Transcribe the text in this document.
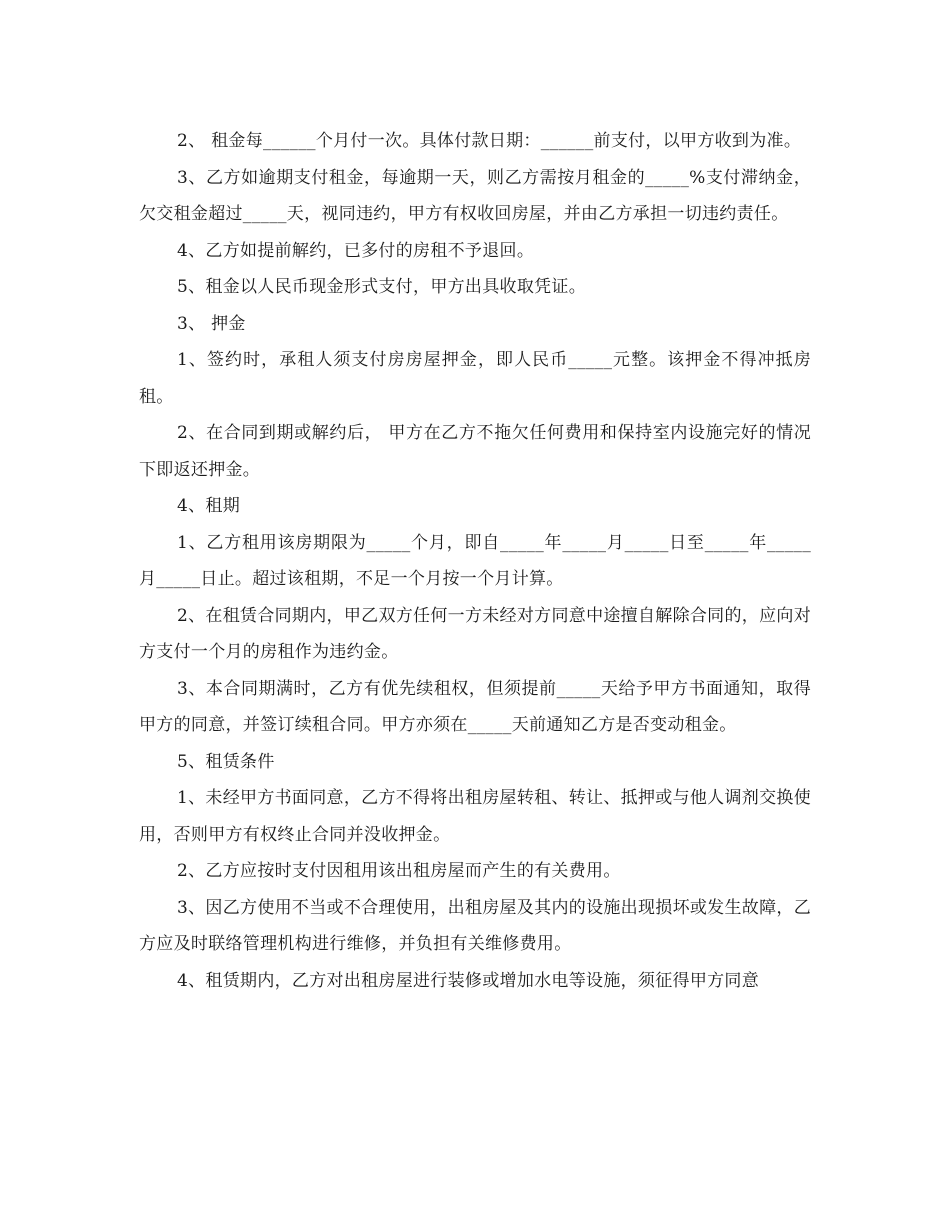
2、 租金每______个月付一次。具体付款日期：______前支付，以甲方收到为准。

3、乙方如逾期支付租金，每逾期一天，则乙方需按月租金的_____%支付滞纳金，欠交租金超过_____天，视同违约，甲方有权收回房屋，并由乙方承担一切违约责任。

4、乙方如提前解约，已多付的房租不予退回。

5、租金以人民币现金形式支付，甲方出具收取凭证。

3、 押金

1、签约时，承租人须支付房房屋押金，即人民币_____元整。该押金不得冲抵房租。

2、在合同到期或解约后， 甲方在乙方不拖欠任何费用和保持室内设施完好的情况下即返还押金。

4、租期

1、乙方租用该房期限为_____个月，即自_____年_____月_____日至_____年_____月_____日止。超过该租期，不足一个月按一个月计算。

2、在租赁合同期内，甲乙双方任何一方未经对方同意中途擅自解除合同的，应向对方支付一个月的房租作为违约金。

3、本合同期满时，乙方有优先续租权，但须提前_____天给予甲方书面通知，取得甲方的同意，并签订续租合同。甲方亦须在_____天前通知乙方是否变动租金。

5、租赁条件

1、未经甲方书面同意，乙方不得将出租房屋转租、转让、抵押或与他人调剂交换使用，否则甲方有权终止合同并没收押金。

2、乙方应按时支付因租用该出租房屋而产生的有关费用。

3、因乙方使用不当或不合理使用，出租房屋及其内的设施出现损坏或发生故障，乙方应及时联络管理机构进行维修，并负担有关维修费用。

4、租赁期内，乙方对出租房屋进行装修或增加水电等设施，须征得甲方同意
